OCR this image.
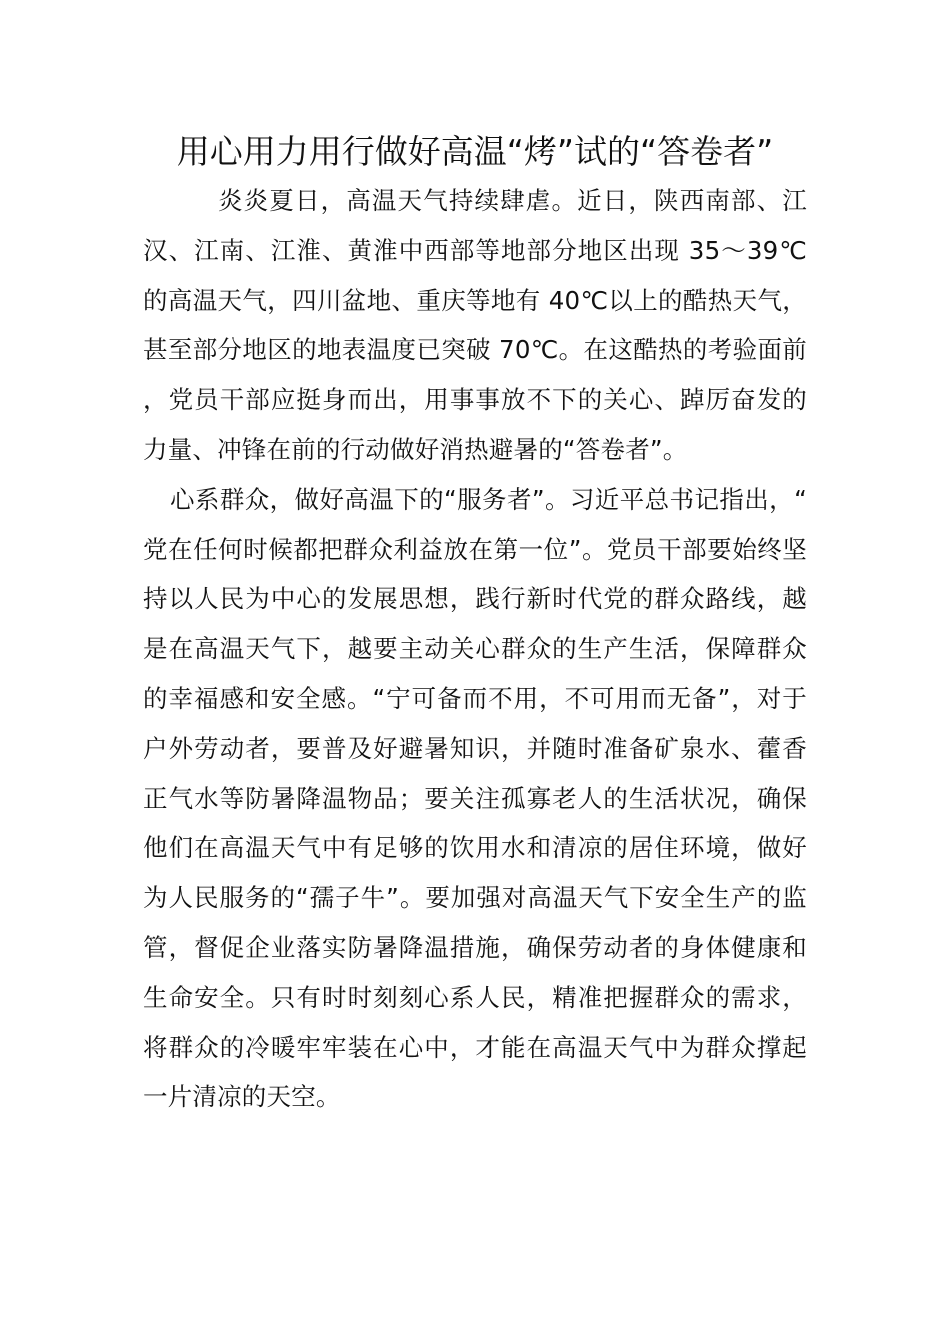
用心用力用行做好高温“烤”试的“答卷者”

炎炎夏日，高温天气持续肆虐。近日，陕西南部、江汉、江南、江淮、黄淮中西部等地部分地区出现 35～39℃的高温天气，四川盆地、重庆等地有 40℃以上的酷热天气，甚至部分地区的地表温度已突破 70℃。在这酷热的考验面前，党员干部应挺身而出，用事事放不下的关心、踔厉奋发的力量、冲锋在前的行动做好消热避暑的“答卷者”。

心系群众，做好高温下的“服务者”。习近平总书记指出，“党在任何时候都把群众利益放在第一位”。党员干部要始终坚持以人民为中心的发展思想，践行新时代党的群众路线，越是在高温天气下，越要主动关心群众的生产生活，保障群众的幸福感和安全感。“宁可备而不用，不可用而无备”，对于户外劳动者，要普及好避暑知识，并随时准备矿泉水、藿香正气水等防暑降温物品；要关注孤寡老人的生活状况，确保他们在高温天气中有足够的饮用水和清凉的居住环境，做好为人民服务的“孺子牛”。要加强对高温天气下安全生产的监管，督促企业落实防暑降温措施，确保劳动者的身体健康和生命安全。只有时时刻刻心系人民，精准把握群众的需求，将群众的冷暖牢牢装在心中，才能在高温天气中为群众撑起一片清凉的天空。
